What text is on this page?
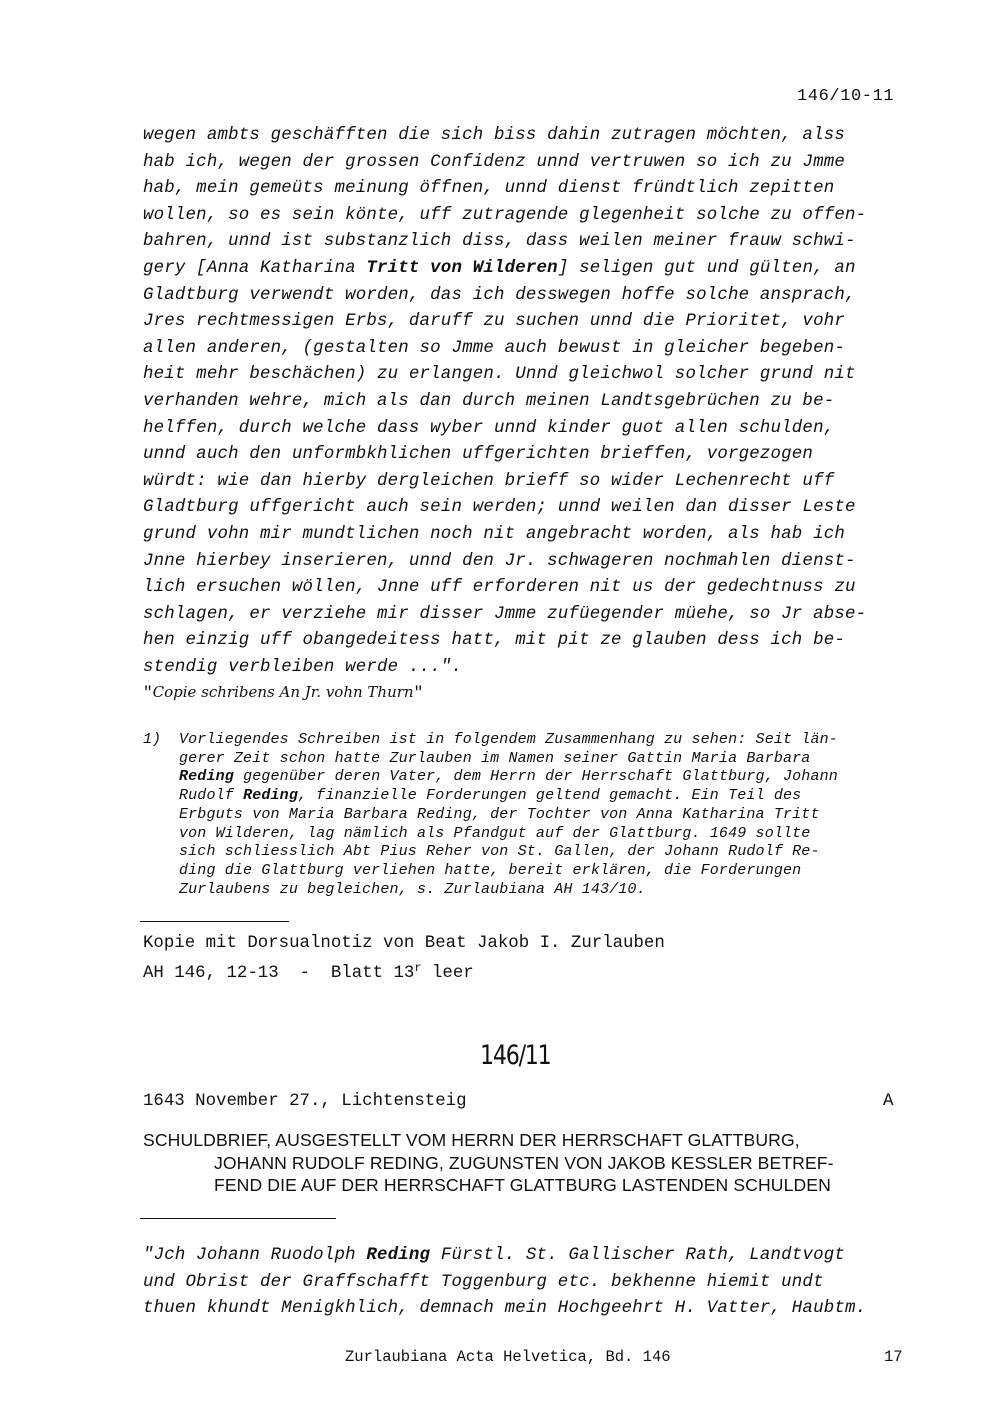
146/10-11
wegen ambts geschäfften die sich biss dahin zutragen möchten, alss
hab ich, wegen der grossen Confidenz unnd vertruwen so ich zu Jmme
hab, mein gemeüts meinung öffnen, unnd dienst fründtlich zepitten
wollen, so es sein könte, uff zutragende glegenheit solche zu offen-
bahren, unnd ist substanzlich diss, dass weilen meiner frauw schwi-
gery [Anna Katharina Tritt von Wilderen] seligen gut und gülten, an
Gladtburg verwendt worden, das ich desswegen hoffe solche ansprach,
Jres rechtmessigen Erbs, daruff zu suchen unnd die Prioritet, vohr
allen anderen, (gestalten so Jmme auch bewust in gleicher begeben-
heit mehr beschächen) zu erlangen. Unnd gleichwol solcher grund nit
verhanden wehre, mich als dan durch meinen Landtsgebrüchen zu be-
helffen, durch welche dass wyber unnd kinder guot allen schulden,
unnd auch den unformbkhlichen uffgerichten brieffen, vorgezogen
würdt: wie dan hierby dergleichen brieff so wider Lechenrecht uff
Gladtburg uffgericht auch sein werden; unnd weilen dan disser Leste
grund vohn mir mundtlichen noch nit angebracht worden, als hab ich
Jnne hierbey inserieren, unnd den Jr. schwageren nochmahlen dienst-
lich ersuchen wöllen, Jnne uff erforderen nit us der gedechtnuss zu
schlagen, er verziehe mir disser Jmme zufüegender müehe, so Jr abse-
hen einzig uff obangedeitess hatt, mit pit ze glauben dess ich be-
stendig verbleiben werde ...".
"Copie schribens An Jr. vohn Thurn"
1) Vorliegendes Schreiben ist in folgendem Zusammenhang zu sehen: Seit län-
gerer Zeit schon hatte Zurlauben im Namen seiner Gattin Maria Barbara
Reding gegenüber deren Vater, dem Herrn der Herrschaft Glattburg, Johann
Rudolf Reding, finanzielle Forderungen geltend gemacht. Ein Teil des
Erbguts von Maria Barbara Reding, der Tochter von Anna Katharina Tritt
von Wilderen, lag nämlich als Pfandgut auf der Glattburg. 1649 sollte
sich schliesslich Abt Pius Reher von St. Gallen, der Johann Rudolf Re-
ding die Glattburg verliehen hatte, bereit erklären, die Forderungen
Zurlaubens zu begleichen, s. Zurlaubiana AH 143/10.
Kopie mit Dorsualnotiz von Beat Jakob I. Zurlauben
AH 146, 12-13  -  Blatt 13$^r$ leer
146/11
1643 November 27., Lichtensteig	A
SCHULDBRIEF, AUSGESTELLT VOM HERRN DER HERRSCHAFT GLATTBURG,
JOHANN RUDOLF REDING, ZUGUNSTEN VON JAKOB KESSLER BETREF-
FEND DIE AUF DER HERRSCHAFT GLATTBURG LASTENDEN SCHULDEN
"Jch Johann Ruodolph Reding Fürstl. St. Gallischer Rath, Landtvogt
und Obrist der Graffschafft Toggenburg etc. bekhenne hiemit undt
thuen khundt Menigkhlich, demnach mein Hochgeehrt H. Vatter, Haubtm.
Zurlaubiana Acta Helvetica, Bd. 146	17
